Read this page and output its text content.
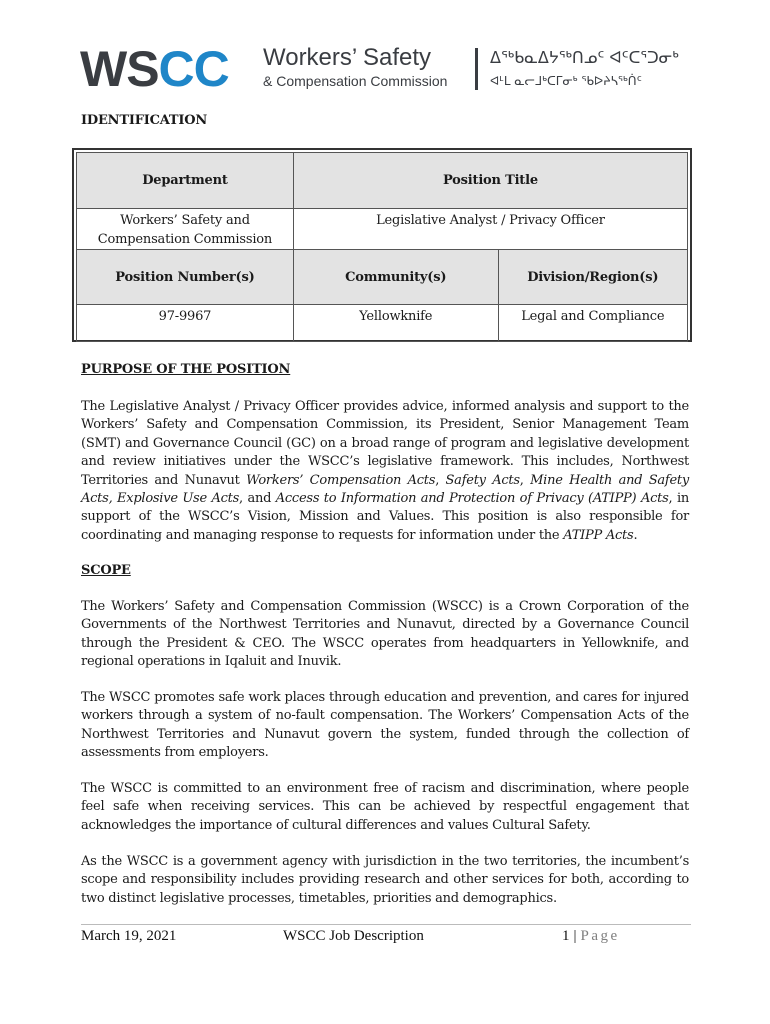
WSCC Workers’ Safety
& Compensation Commission
ᐃᖅᑲᓇᐃᔭᖅᑎᓄᑦ ᐊᑦᑕᕐᑐᓂᒃ
ᐊᒻᒪ ᓇᓕᒧᒃᑕᒥᓂᒃ ᖃᐅᔨᓴᖅᑏᑦ
IDENTIFICATION
Department	Position Title	
Workers’ Safety and Compensation Commission	Legislative Analyst / Privacy Officer	
Position Number(s)	Community(s)	Division/Region(s)
97-9967	Yellowknife	Legal and Compliance
PURPOSE OF THE POSITION

The Legislative Analyst / Privacy Officer provides advice, informed analysis and support to the Workers’ Safety and Compensation Commission, its President, Senior Management Team (SMT) and Governance Council (GC) on a broad range of program and legislative development and review initiatives under the WSCC’s legislative framework. This includes, Northwest Territories and Nunavut Workers’ Compensation Acts, Safety Acts, Mine Health and Safety Acts, Explosive Use Acts, and Access to Information and Protection of Privacy (ATIPP) Acts, in support of the WSCC’s Vision, Mission and Values. This position is also responsible for coordinating and managing response to requests for information under the ATIPP Acts.

SCOPE

The Workers’ Safety and Compensation Commission (WSCC) is a Crown Corporation of the Governments of the Northwest Territories and Nunavut, directed by a Governance Council through the President & CEO. The WSCC operates from headquarters in Yellowknife, and regional operations in Iqaluit and Inuvik.

The WSCC promotes safe work places through education and prevention, and cares for injured workers through a system of no-fault compensation. The Workers’ Compensation Acts of the Northwest Territories and Nunavut govern the system, funded through the collection of assessments from employers.

The WSCC is committed to an environment free of racism and discrimination, where people feel safe when receiving services. This can be achieved by respectful engagement that acknowledges the importance of cultural differences and values Cultural Safety.

As the WSCC is a government agency with jurisdiction in the two territories, the incumbent’s scope and responsibility includes providing research and other services for both, according to two distinct legislative processes, timetables, priorities and demographics.

March 19, 2021	WSCC Job Description	1 | Page
